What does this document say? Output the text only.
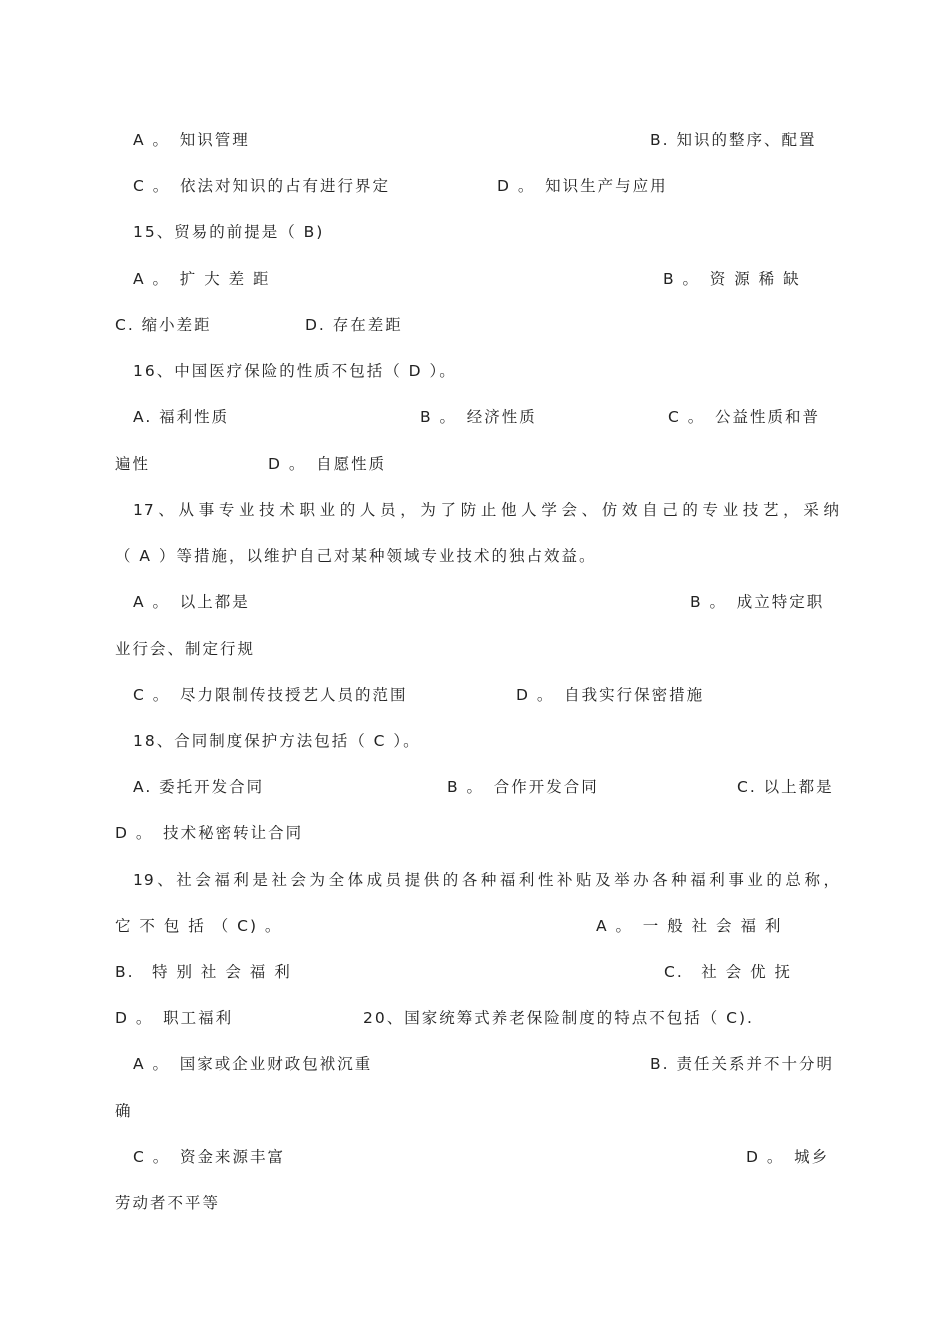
A 。　知识管理	B. 知识的整序、配置
C 。　依法对知识的占有进行界定	D 。　知识生产与应用
15、贸易的前提是（ B)
A 。　扩 大 差 距	B 。　资 源 稀 缺
C. 缩小差距	D. 存在差距
16、中国医疗保险的性质不包括（ D ）。
A. 福利性质	B 。　经济性质	C 。　公益性质和普
遍性	D 。　自愿性质
17、从事专业技术职业的人员，为了防止他人学会、仿效自己的专业技艺，采纳
（ A ）等措施，以维护自己对某种领域专业技术的独占效益。
A 。　以上都是	B 。　成立特定职
业行会、制定行规
C 。　尽力限制传技授艺人员的范围	D 。　自我实行保密措施
18、合同制度保护方法包括（ C ）。
A. 委托开发合同	B 。　合作开发合同	C. 以上都是
D 。　技术秘密转让合同
19、社会福利是社会为全体成员提供的各种福利性补贴及举办各种福利事业的总称，
它 不 包 括 （ C) 。	A 。　一 般 社 会 福 利
B.　特 别 社 会 福 利	C.　社 会 优 抚
D 。　职工福利	20、国家统筹式养老保险制度的特点不包括（ C).
A 。　国家或企业财政包袱沉重	B. 责任关系并不十分明
确
C 。　资金来源丰富	D 。　城乡
劳动者不平等
